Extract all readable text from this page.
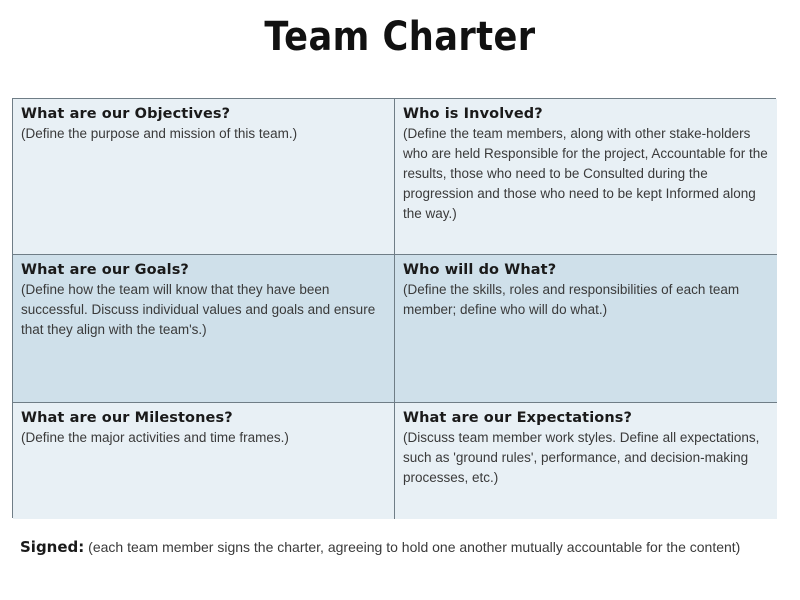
Team Charter
What are our Objectives?
(Define the purpose and mission of this team.)
Who is Involved?
(Define the team members, along with other stake-holders who are held Responsible for the project, Accountable for the results, those who need to be Consulted during the progression and those who need to be kept Informed along the way.)
What are our Goals?
(Define how the team will know that they have been successful. Discuss individual values and goals and ensure that they align with the team's.)
Who will do What?
(Define the skills, roles and responsibilities of each team member; define who will do what.)
What are our Milestones?
(Define the major activities and time frames.)
What are our Expectations?
(Discuss team member work styles. Define all expectations, such as 'ground rules', performance, and decision-making processes, etc.)
Signed: (each team member signs the charter, agreeing to hold one another mutually accountable for the content)
